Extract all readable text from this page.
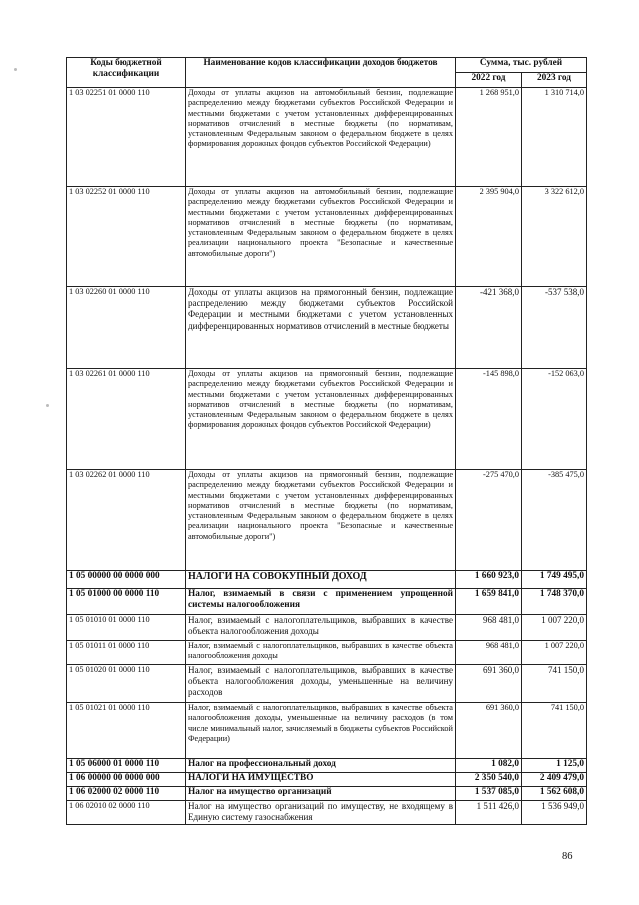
Коды бюджетной классификации	Наименование кодов классификации доходов бюджетов	Сумма, тыс. рублей	
		2022 год	2023 год
1 03 02251 01 0000 110	Доходы от уплаты акцизов на автомобильный бензин, подлежащие распределению между бюджетами субъектов Российской Федерации и местными бюджетами с учетом установленных дифференцированных нормативов отчислений в местные бюджеты (по нормативам, установленным Федеральным законом о федеральном бюджете в целях формирования дорожных фондов субъектов Российской Федерации)	1 268 951,0	1 310 714,0
1 03 02252 01 0000 110	Доходы от уплаты акцизов на автомобильный бензин, подлежащие распределению между бюджетами субъектов Российской Федерации и местными бюджетами с учетом установленных дифференцированных нормативов отчислений в местные бюджеты (по нормативам, установленным Федеральным законом о федеральном бюджете в целях реализации национального проекта "Безопасные и качественные автомобильные дороги")	2 395 904,0	3 322 612,0
1 03 02260 01 0000 110	Доходы от уплаты акцизов на прямогонный бензин, подлежащие распределению между бюджетами субъектов Российской Федерации и местными бюджетами с учетом установленных дифференцированных нормативов отчислений в местные бюджеты	-421 368,0	-537 538,0
1 03 02261 01 0000 110	Доходы от уплаты акцизов на прямогонный бензин, подлежащие распределению между бюджетами субъектов Российской Федерации и местными бюджетами с учетом установленных дифференцированных нормативов отчислений в местные бюджеты (по нормативам, установленным Федеральным законом о федеральном бюджете в целях формирования дорожных фондов субъектов Российской Федерации)	-145 898,0	-152 063,0
1 03 02262 01 0000 110	Доходы от уплаты акцизов на прямогонный бензин, подлежащие распределению между бюджетами субъектов Российской Федерации и местными бюджетами с учетом установленных дифференцированных нормативов отчислений в местные бюджеты (по нормативам, установленным Федеральным законом о федеральном бюджете в целях реализации национального проекта "Безопасные и качественные автомобильные дороги")	-275 470,0	-385 475,0
1 05 00000 00 0000 000	НАЛОГИ НА СОВОКУПНЫЙ ДОХОД	1 660 923,0	1 749 495,0
1 05 01000 00 0000 110	Налог, взимаемый в связи с применением упрощенной системы налогообложения	1 659 841,0	1 748 370,0
1 05 01010 01 0000 110	Налог, взимаемый с налогоплательщиков, выбравших в качестве объекта налогообложения доходы	968 481,0	1 007 220,0
1 05 01011 01 0000 110	Налог, взимаемый с налогоплательщиков, выбравших в качестве объекта налогообложения доходы	968 481,0	1 007 220,0
1 05 01020 01 0000 110	Налог, взимаемый с налогоплательщиков, выбравших в качестве объекта налогообложения доходы, уменьшенные на величину расходов	691 360,0	741 150,0
1 05 01021 01 0000 110	Налог, взимаемый с налогоплательщиков, выбравших в качестве объекта налогообложения доходы, уменьшенные на величину расходов (в том числе минимальный налог, зачисляемый в бюджеты субъектов Российской Федерации)	691 360,0	741 150,0
1 05 06000 01 0000 110	Налог на профессиональный доход	1 082,0	1 125,0
1 06 00000 00 0000 000	НАЛОГИ НА ИМУЩЕСТВО	2 350 540,0	2 409 479,0
1 06 02000 02 0000 110	Налог на имущество организаций	1 537 085,0	1 562 608,0
1 06 02010 02 0000 110	Налог на имущество организаций по имуществу, не входящему в Единую систему газоснабжения	1 511 426,0	1 536 949,0
86
